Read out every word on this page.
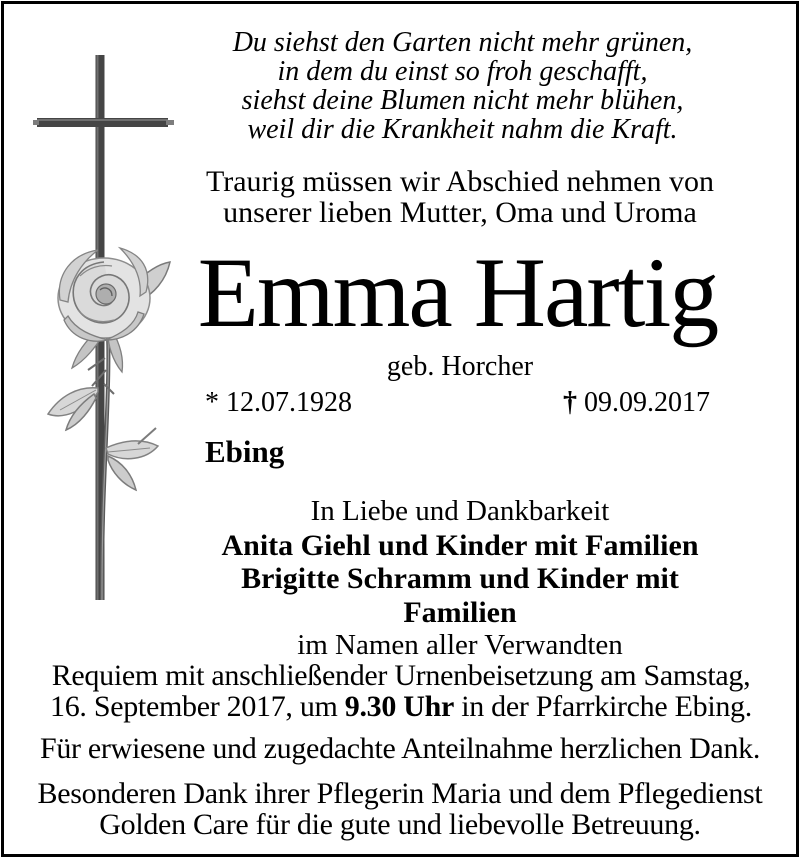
Du siehst den Garten nicht mehr grünen,
in dem du einst so froh geschafft,
siehst deine Blumen nicht mehr blühen,
weil dir die Krankheit nahm die Kraft.
Traurig müssen wir Abschied nehmen von
unserer lieben Mutter, Oma und Uroma
Emma Hartig
geb. Horcher
* 12.07.1928	† 09.09.2017
Ebing
In Liebe und Dankbarkeit
Anita Giehl und Kinder mit Familien
Brigitte Schramm und Kinder mit Familien
im Namen aller Verwandten
Requiem mit anschließender Urnenbeisetzung am Samstag,
16. September 2017, um 9.30 Uhr in der Pfarrkirche Ebing.
Für erwiesene und zugedachte Anteilnahme herzlichen Dank.
Besonderen Dank ihrer Pflegerin Maria und dem Pflegedienst
Golden Care für die gute und liebevolle Betreuung.
